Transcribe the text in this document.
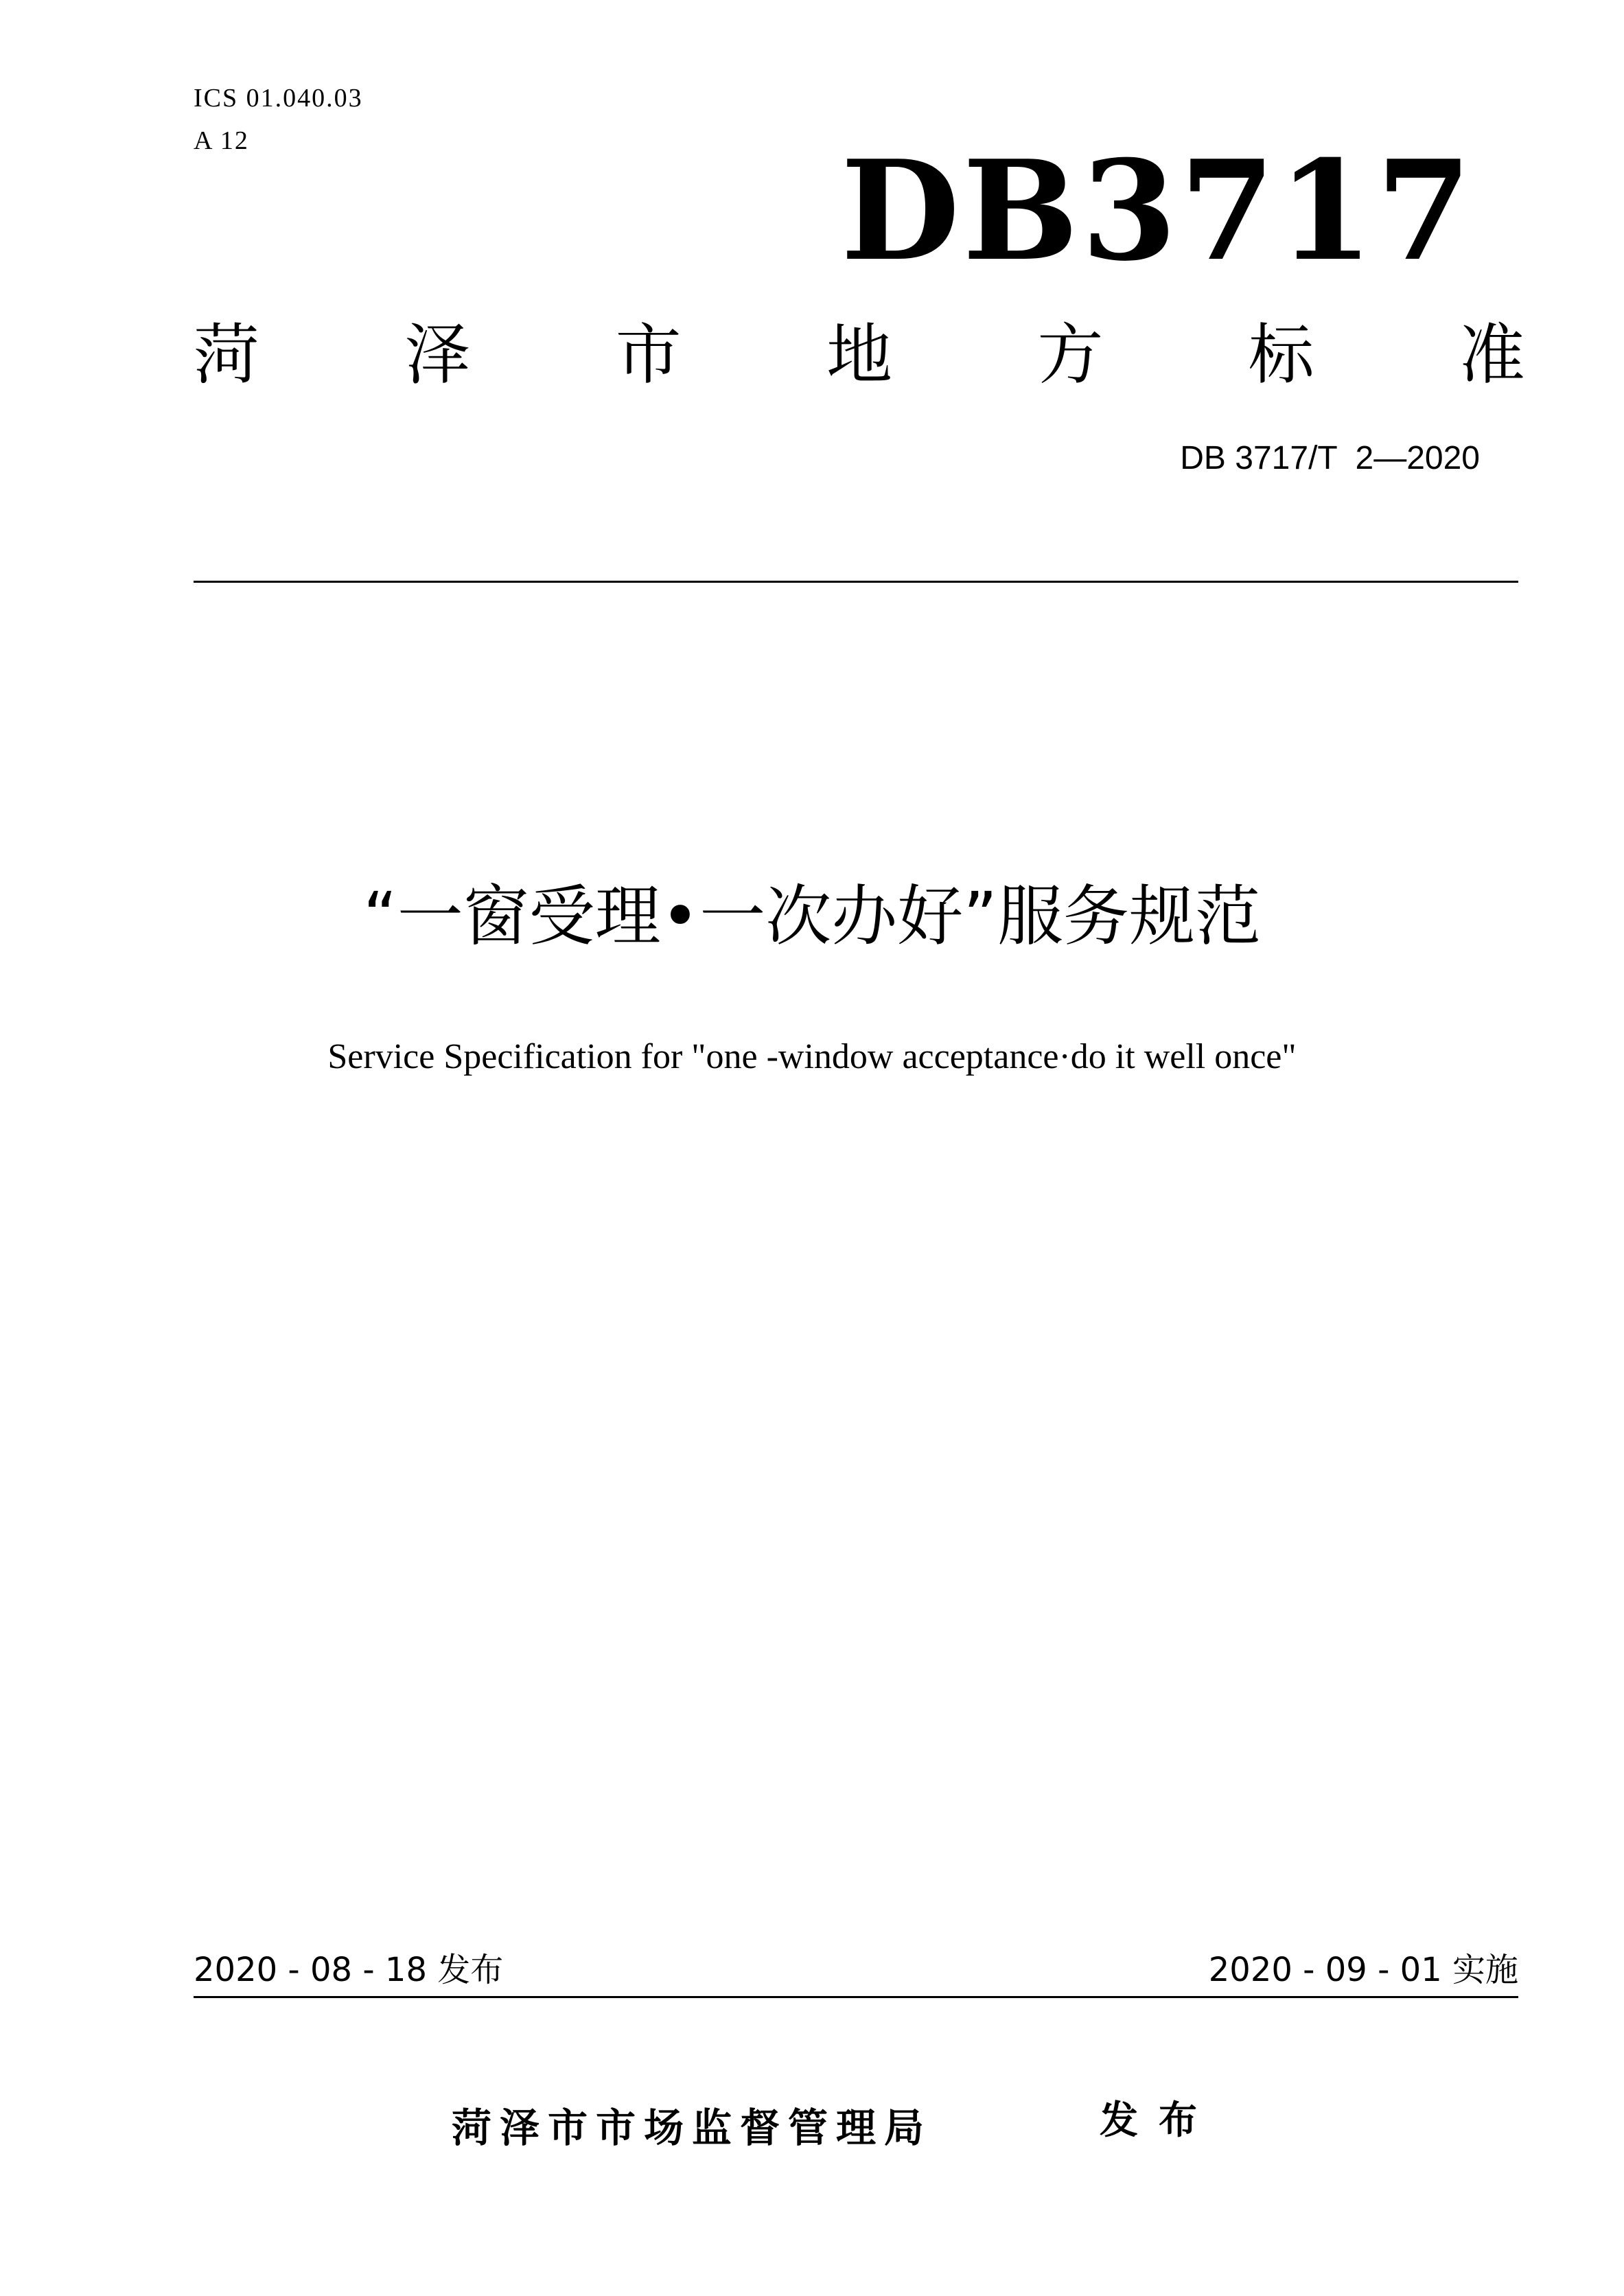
ICS 01.040.03
A 12	DB3717
菏 泽 市 地 方 标 准
DB 3717/T  2—2020
“一窗受理•一次办好”服务规范
Service Specification for "one -window acceptance·do it well once"
2020 - 08 - 18 发布	2020 - 09 - 01 实施
菏泽市市场监督管理局	发布
